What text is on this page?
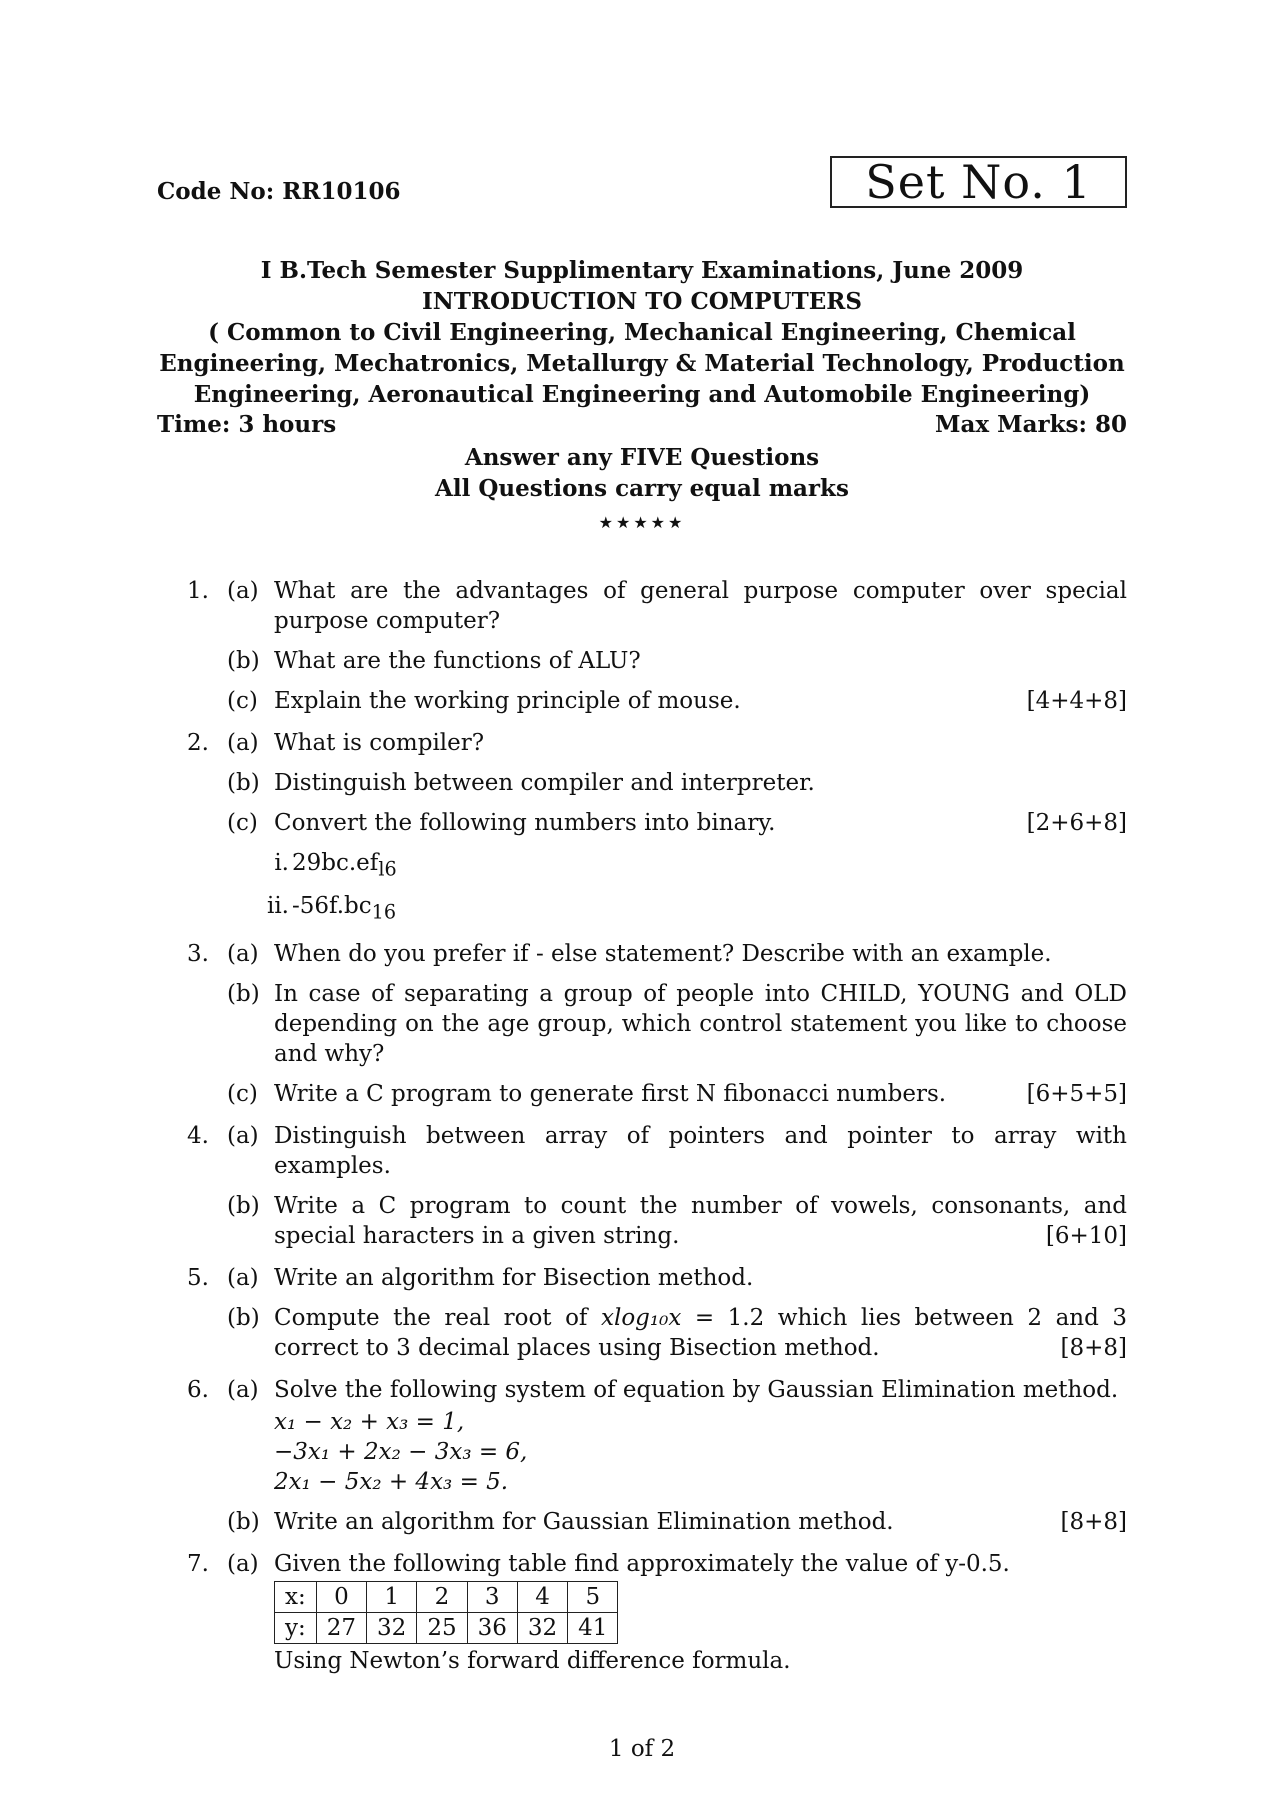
Code No: RR10106	Set No. 1
I B.Tech Semester Supplimentary Examinations, June 2009
INTRODUCTION TO COMPUTERS
( Common to Civil Engineering, Mechanical Engineering, Chemical
Engineering, Mechatronics, Metallurgy & Material Technology, Production
Engineering, Aeronautical Engineering and Automobile Engineering)
Time: 3 hours	Max Marks: 80
Answer any FIVE Questions
All Questions carry equal marks
★★★★★
1. (a) What are the advantages of general purpose computer over special purpose computer?
(b) What are the functions of ALU?
(c) Explain the working principle of mouse.	[4+4+8]
2. (a) What is compiler?
(b) Distinguish between compiler and interpreter.
(c) Convert the following numbers into binary.	[2+6+8]
i. $29bc.ef_{l6}$
ii. $-56f.bc_{16}$
3. (a) When do you prefer if - else statement? Describe with an example.
(b) In case of separating a group of people into CHILD, YOUNG and OLD depending on the age group, which control statement you like to choose and why?
(c) Write a C program to generate first N fibonacci numbers.	[6+5+5]
4. (a) Distinguish between array of pointers and pointer to array with examples.
(b) Write a C program to count the number of vowels, consonants, and special haracters in a given string.	[6+10]
5. (a) Write an algorithm for Bisection method.
(b) Compute the real root of xlog₁₀x = 1.2 which lies between 2 and 3 correct to 3 decimal places using Bisection method.	[8+8]
6. (a) Solve the following system of equation by Gaussian Elimination method.
x₁ − x₂ + x₃ = 1,
−3x₁ + 2x₂ − 3x₃ = 6,
2x₁ − 5x₂ + 4x₃ = 5.
(b) Write an algorithm for Gaussian Elimination method.	[8+8]
7. (a) Given the following table find approximately the value of y-0.5.
x:	0	1	2	3	4	5
y:	27	32	25	36	32	41
Using Newton’s forward difference formula.
1 of 2
